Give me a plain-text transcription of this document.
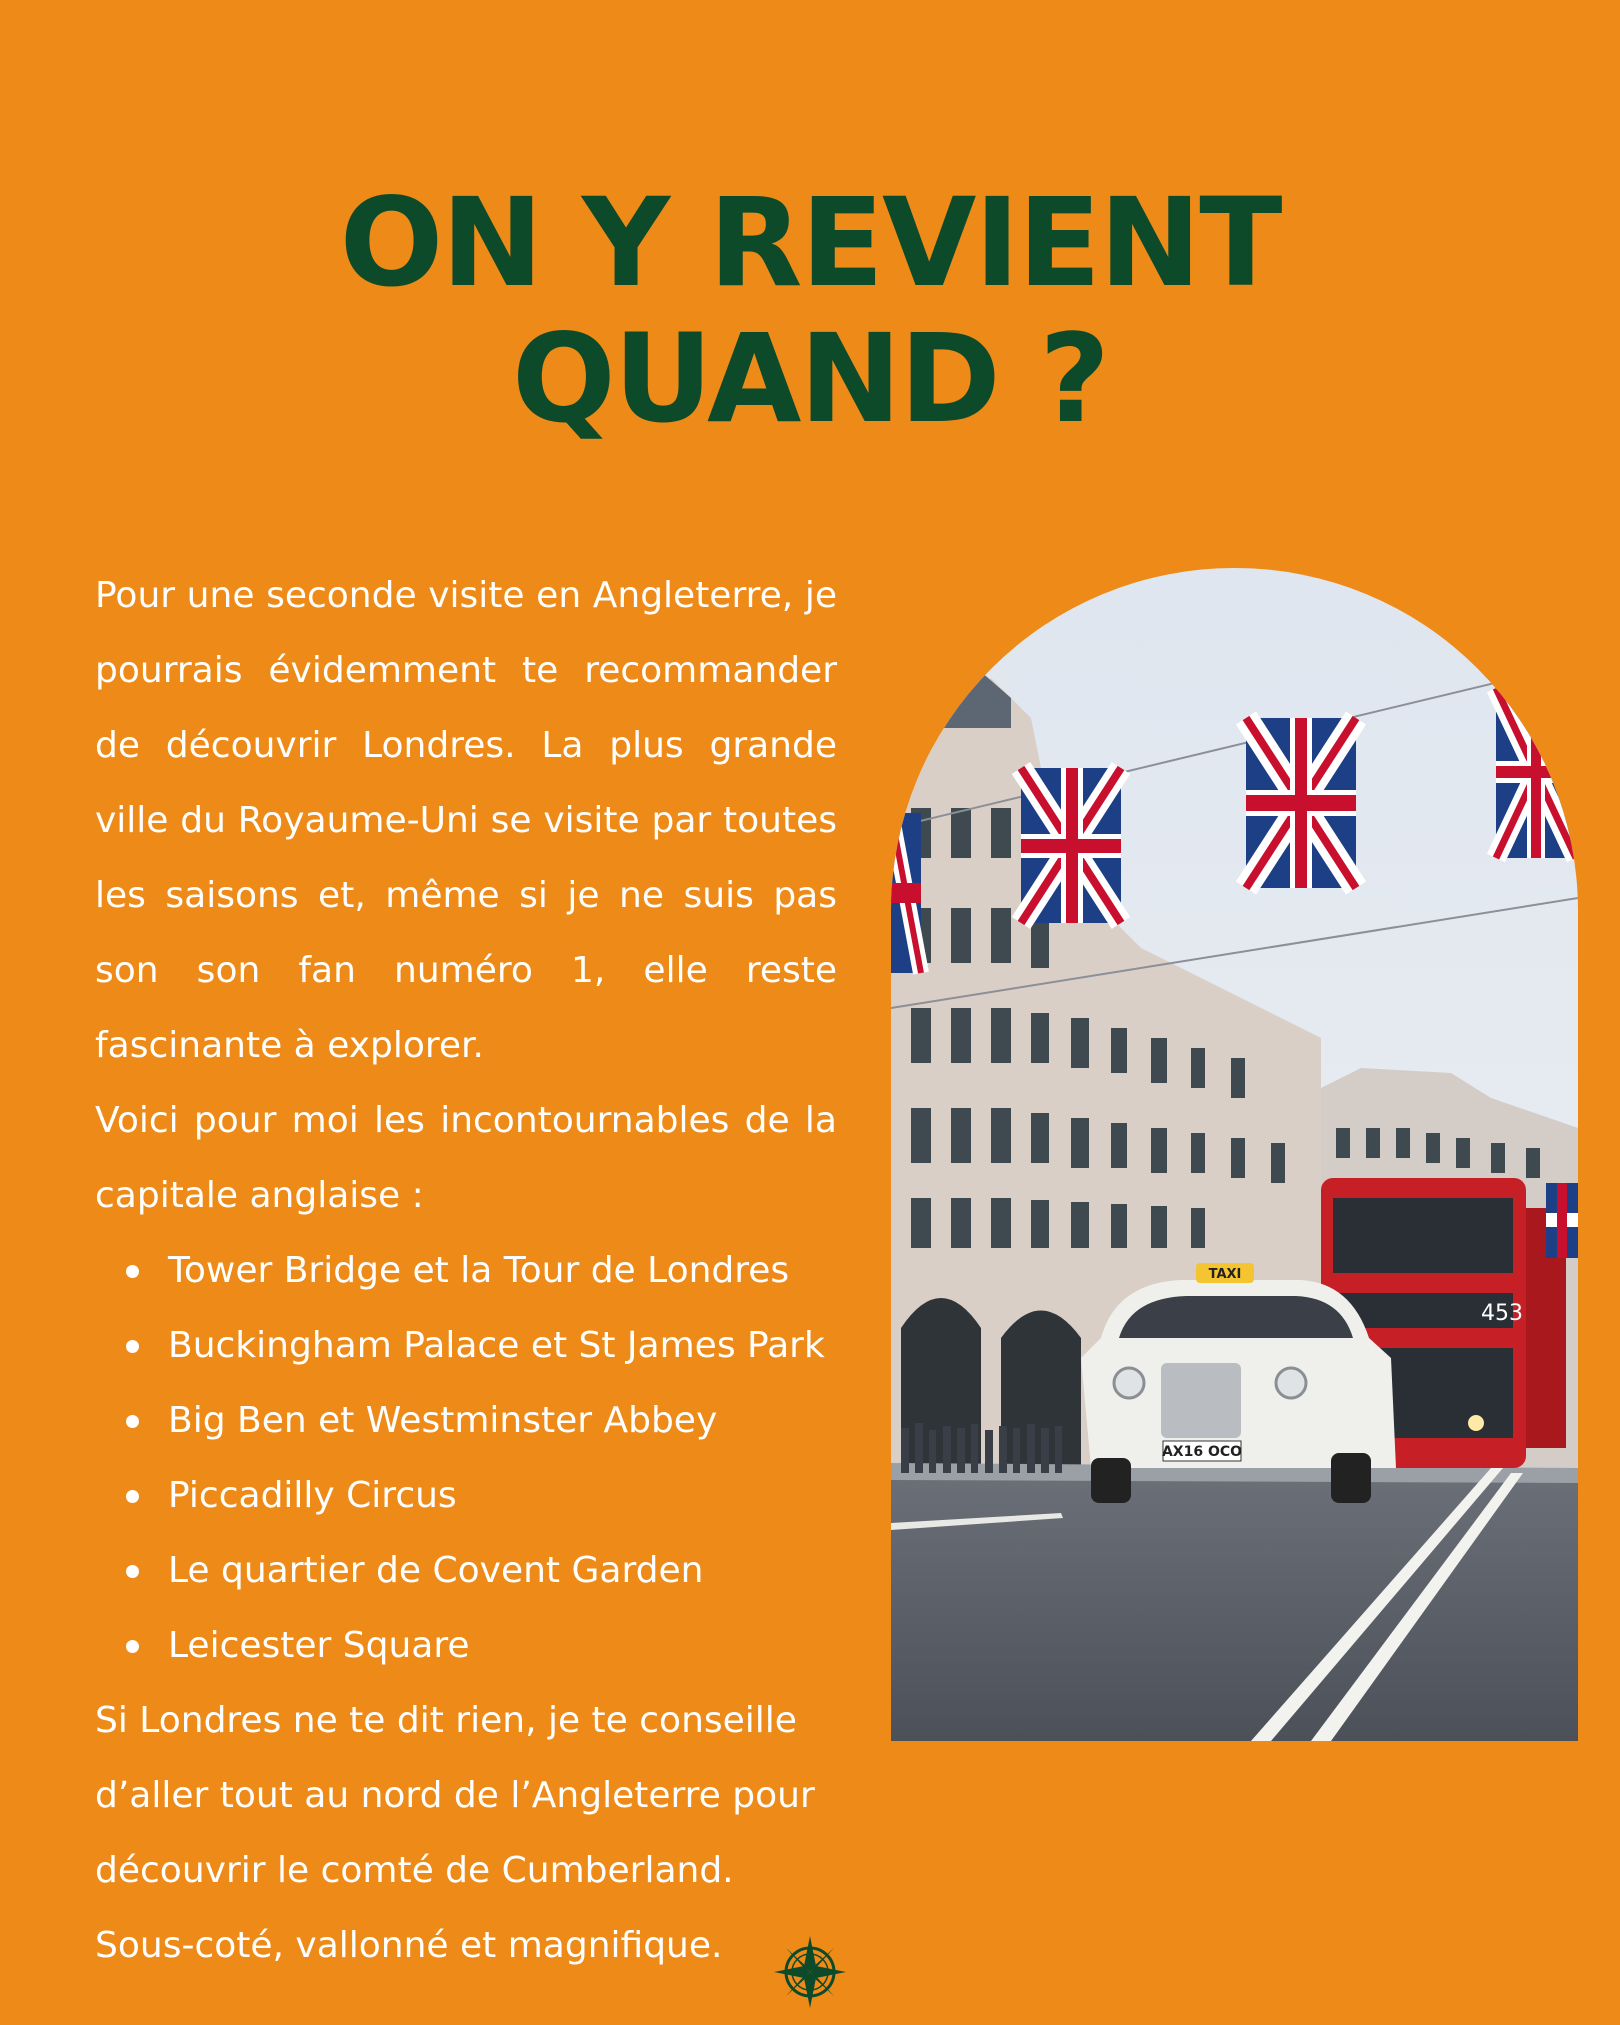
ON Y REVIENT
QUAND ?

Pour une seconde visite en Angleterre, je pourrais évidemment te recommander de découvrir Londres. La plus grande ville du Royaume-Uni se visite par toutes les saisons et, même si je ne suis pas son son fan numéro 1, elle reste fascinante à explorer.

Voici pour moi les incontournables de la capitale anglaise :

Tower Bridge et la Tour de Londres
Buckingham Palace et St James Park
Big Ben et Westminster Abbey
Piccadilly Circus
Le quartier de Covent Garden
Leicester Square
Si Londres ne te dit rien, je te conseille
d’aller tout au nord de l’Angleterre pour
découvrir le comté de Cumberland.
Sous-coté, vallonné et magnifique.
453
TAXI
AX16 OCO
